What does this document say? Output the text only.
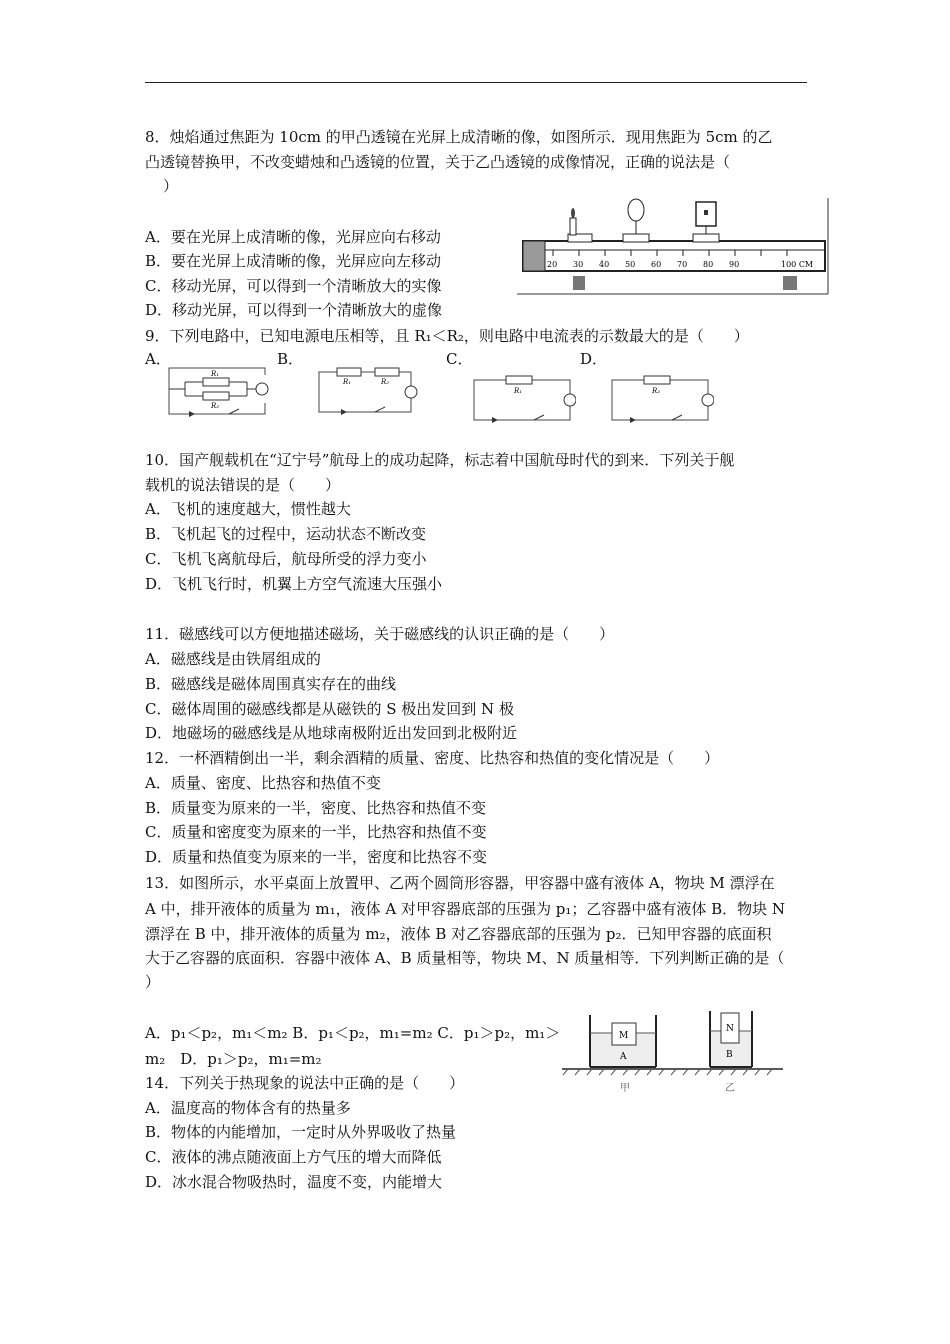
8．烛焰通过焦距为 10cm 的甲凸透镜在光屏上成清晰的像，如图所示．现用焦距为 5cm 的乙
凸透镜替换甲，不改变蜡烛和凸透镜的位置，关于乙凸透镜的成像情况，正确的说法是（
）
A．要在光屏上成清晰的像，光屏应向右移动
B．要在光屏上成清晰的像，光屏应向左移动
C．移动光屏，可以得到一个清晰放大的实像
D．移动光屏，可以得到一个清晰放大的虚像
20 30 40 50 60 70 80 90	100 CM
9．下列电路中，已知电源电压相等，且 R₁＜R₂，则电路中电流表的示数最大的是（　　）
A．	B．	C．	D．
R₁
R₂
R₁	R₂
R₁	R₂
10．国产舰载机在“辽宁号”航母上的成功起降，标志着中国航母时代的到来．下列关于舰
载机的说法错误的是（　　）
A．飞机的速度越大，惯性越大
B．飞机起飞的过程中，运动状态不断改变
C．飞机飞离航母后，航母所受的浮力变小
D．飞机飞行时，机翼上方空气流速大压强小
11．磁感线可以方便地描述磁场，关于磁感线的认识正确的是（　　）
A．磁感线是由铁屑组成的
B．磁感线是磁体周围真实存在的曲线
C．磁体周围的磁感线都是从磁铁的 S 极出发回到 N 极
D．地磁场的磁感线是从地球南极附近出发回到北极附近
12．一杯酒精倒出一半，剩余酒精的质量、密度、比热容和热值的变化情况是（　　）
A．质量、密度、比热容和热值不变
B．质量变为原来的一半，密度、比热容和热值不变
C．质量和密度变为原来的一半，比热容和热值不变
D．质量和热值变为原来的一半，密度和比热容不变
13．如图所示，水平桌面上放置甲、乙两个圆筒形容器，甲容器中盛有液体 A，物块 M 漂浮在
A 中，排开液体的质量为 m₁，液体 A 对甲容器底部的压强为 p₁；乙容器中盛有液体 B．物块 N
漂浮在 B 中，排开液体的质量为 m₂，液体 B 对乙容器底部的压强为 p₂．已知甲容器的底面积
大于乙容器的底面积．容器中液体 A、B 质量相等，物块 M、N 质量相等．下列判断正确的是（
）
A．p₁＜p₂，m₁＜m₂ B．p₁＜p₂，m₁=m₂ C．p₁＞p₂，m₁＞
m₂　D．p₁＞p₂，m₁=m₂
M
A
N
B
甲	乙
14．下列关于热现象的说法中正确的是（　　）
A．温度高的物体含有的热量多
B．物体的内能增加，一定时从外界吸收了热量
C．液体的沸点随液面上方气压的增大而降低
D．冰水混合物吸热时，温度不变，内能增大
